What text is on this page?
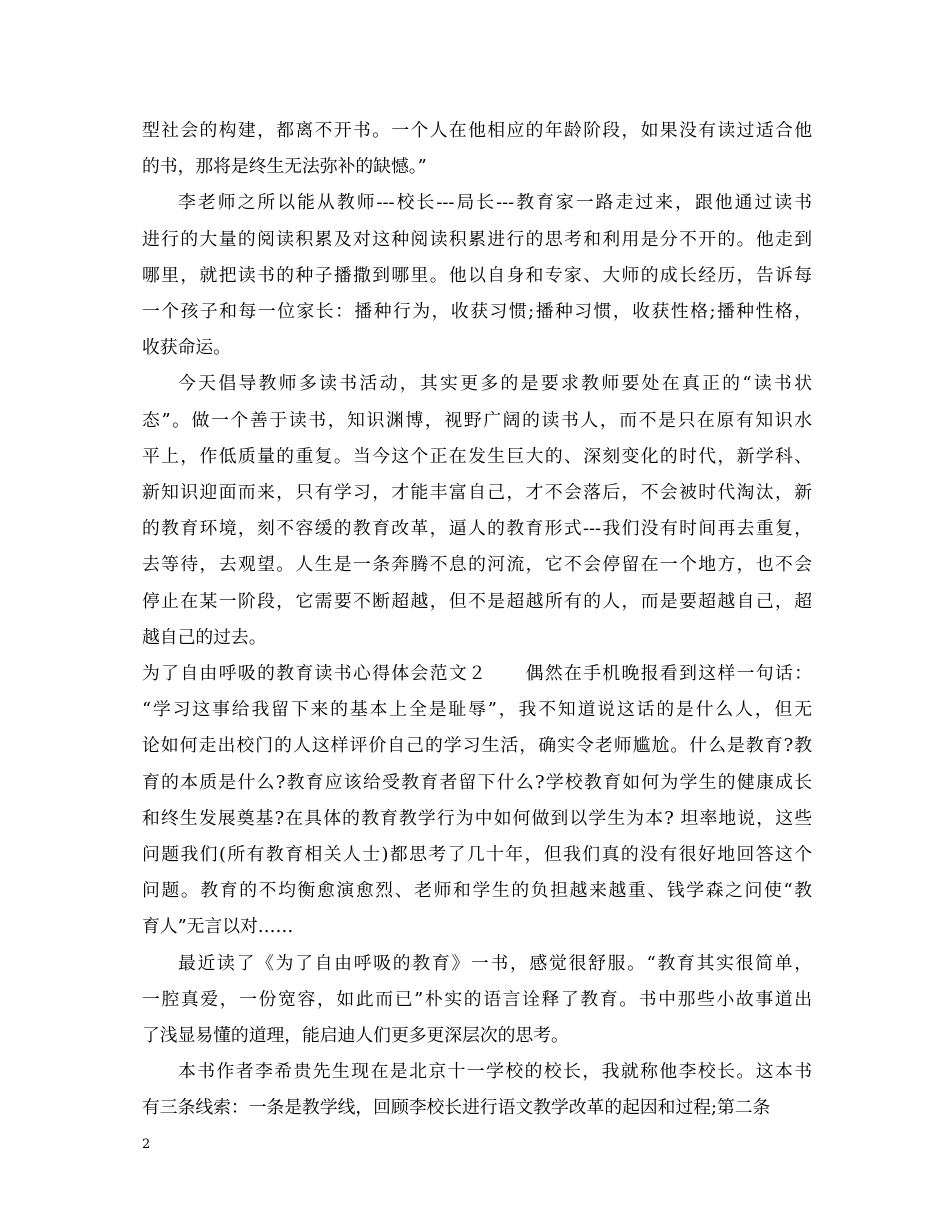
型社会的构建，都离不开书。一个人在他相应的年龄阶段，如果没有读过适合他
的书，那将是终生无法弥补的缺憾。”
李老师之所以能从教师---校长---局长---教育家一路走过来，跟他通过读书
进行的大量的阅读积累及对这种阅读积累进行的思考和利用是分不开的。他走到
哪里，就把读书的种子播撒到哪里。他以自身和专家、大师的成长经历，告诉每
一个孩子和每一位家长：播种行为，收获习惯;播种习惯，收获性格;播种性格，
收获命运。
今天倡导教师多读书活动，其实更多的是要求教师要处在真正的“读书状
态”。做一个善于读书，知识渊博，视野广阔的读书人，而不是只在原有知识水
平上，作低质量的重复。当今这个正在发生巨大的、深刻变化的时代，新学科、
新知识迎面而来，只有学习，才能丰富自己，才不会落后，不会被时代淘汰，新
的教育环境，刻不容缓的教育改革，逼人的教育形式---我们没有时间再去重复，
去等待，去观望。人生是一条奔腾不息的河流，它不会停留在一个地方，也不会
停止在某一阶段，它需要不断超越，但不是超越所有的人，而是要超越自己，超
越自己的过去。
为了自由呼吸的教育读书心得体会范文２　　偶然在手机晚报看到这样一句话：
“学习这事给我留下来的基本上全是耻辱”，我不知道说这话的是什么人，但无
论如何走出校门的人这样评价自己的学习生活，确实令老师尴尬。什么是教育?教
育的本质是什么?教育应该给受教育者留下什么?学校教育如何为学生的健康成长
和终生发展奠基?在具体的教育教学行为中如何做到以学生为本? 坦率地说，这些
问题我们(所有教育相关人士)都思考了几十年，但我们真的没有很好地回答这个
问题。教育的不均衡愈演愈烈、老师和学生的负担越来越重、钱学森之问使“教
育人”无言以对……
最近读了《为了自由呼吸的教育》一书，感觉很舒服。“教育其实很简单，
一腔真爱，一份宽容，如此而已”朴实的语言诠释了教育。书中那些小故事道出
了浅显易懂的道理，能启迪人们更多更深层次的思考。
本书作者李希贵先生现在是北京十一学校的校长，我就称他李校长。这本书
有三条线索：一条是教学线，回顾李校长进行语文教学改革的起因和过程;第二条
2
